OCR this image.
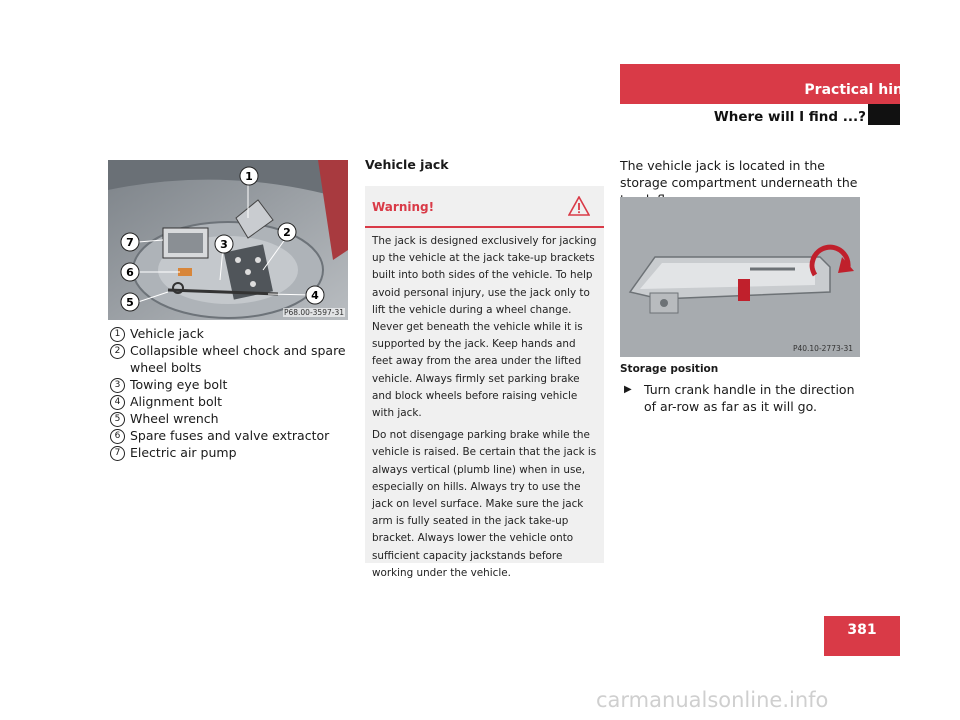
Practical hints
Where will I find ...?
1
2
3
4
5
6
7
P68.00-3597-31
1 Vehicle jack
2 Collapsible wheel chock and spare wheel bolts
3 Towing eye bolt
4 Alignment bolt
5 Wheel wrench
6 Spare fuses and valve extractor
7 Electric air pump
Vehicle jack
Warning!

The jack is designed exclusively for jacking up the vehicle at the jack take-up brackets built into both sides of the vehicle. To help avoid personal injury, use the jack only to lift the vehicle during a wheel change. Never get beneath the vehicle while it is supported by the jack. Keep hands and feet away from the area under the lifted vehicle. Always firmly set parking brake and block wheels before raising vehicle with jack.

Do not disengage parking brake while the vehicle is raised. Be certain that the jack is always vertical (plumb line) when in use, especially on hills. Always try to use the jack on level surface. Make sure the jack arm is fully seated in the jack take-up bracket. Always lower the vehicle onto sufficient capacity jackstands before working under the vehicle.

The vehicle jack is located in the storage compartment underneath the
P40.10-2773-31
Storage position
▶ Turn crank handle in the direction of ar-row as far as it will go.
381
carmanualsonline.info
